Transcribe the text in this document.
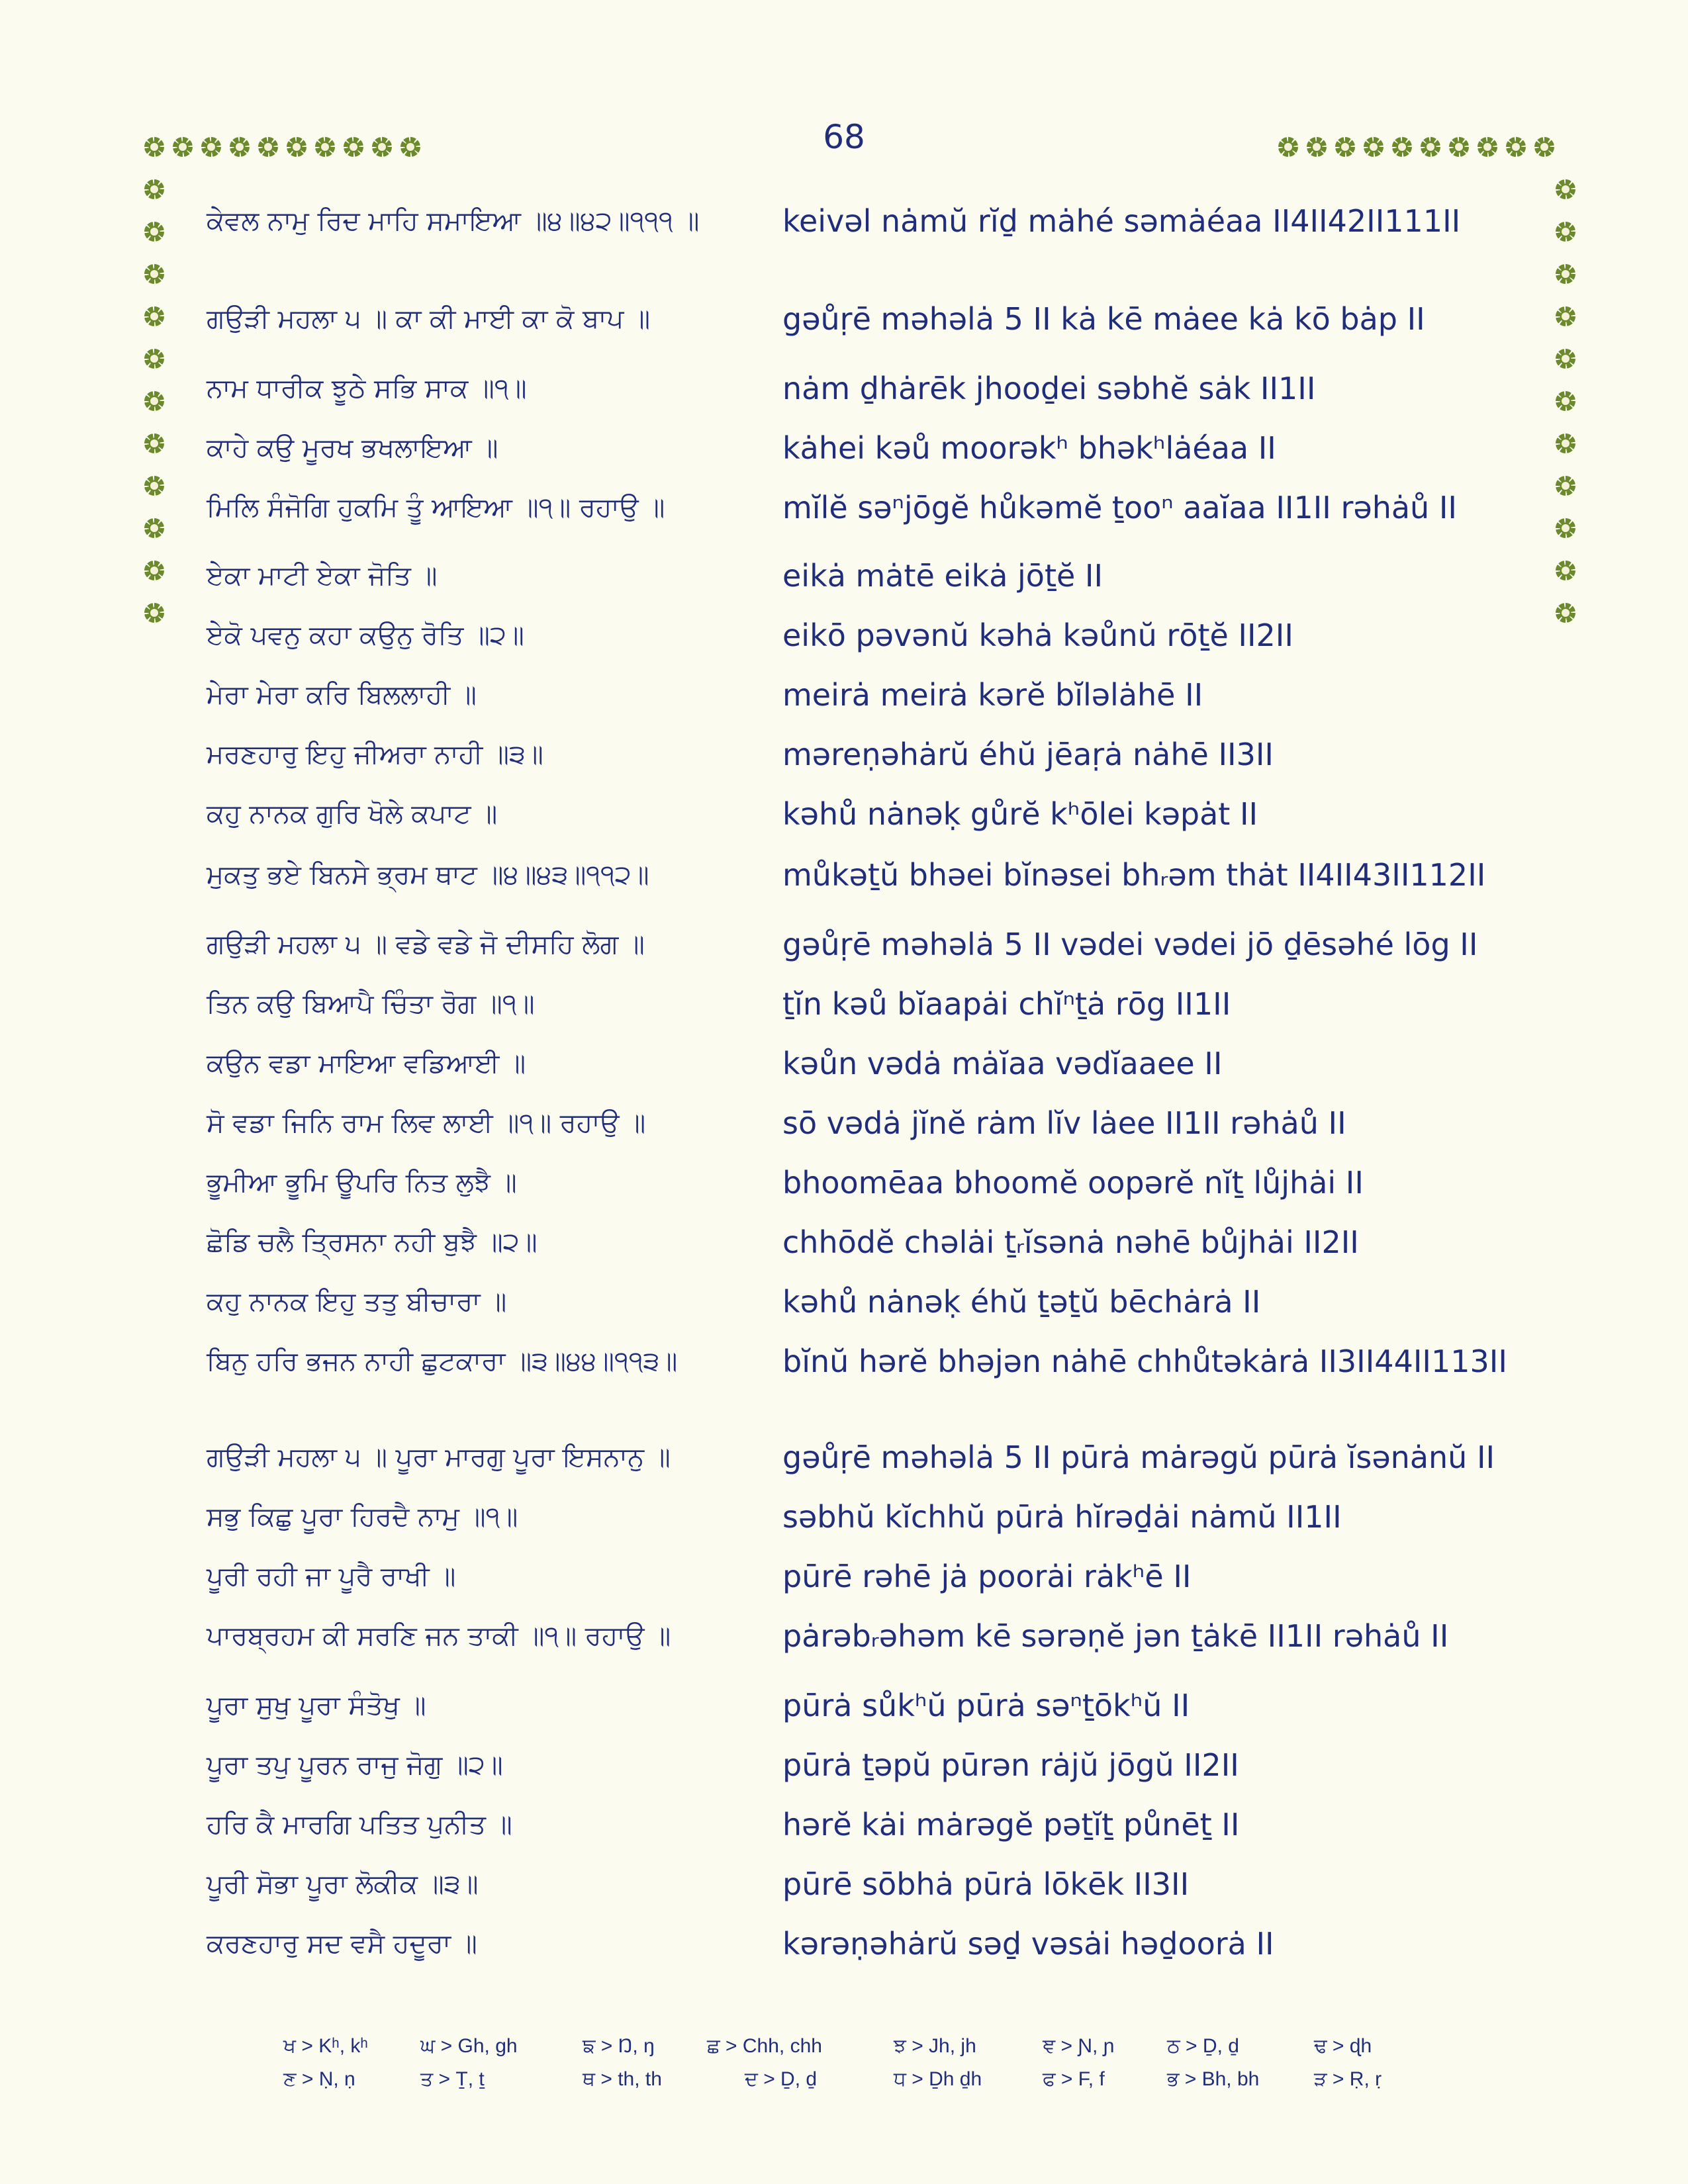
68
ਕੇਵਲ ਨਾਮੁ ਰਿਦ ਮਾਹਿ ਸਮਾਇਆ ॥੪॥੪੨॥੧੧੧ ॥	keivəl nȧmŭ rĭḏ mȧhé səmȧéaa II4II42II111II
ਗਉੜੀ ਮਹਲਾ ੫ ॥ ਕਾ ਕੀ ਮਾਈ ਕਾ ਕੋ ਬਾਪ ॥	gəůṛē məhəlȧ 5 II kȧ kē mȧee kȧ kō bȧp II
ਨਾਮ ਧਾਰੀਕ ਝੂਠੇ ਸਭਿ ਸਾਕ ॥੧॥	nȧm ḏhȧrēk jhooḏei səbhĕ sȧk II1II
ਕਾਹੇ ਕਉ ਮੂਰਖ ਭਖਲਾਇਆ ॥	kȧhei kəů moorəkʰ bhəkʰlȧéaa II
ਮਿਲਿ ਸੰਜੋਗਿ ਹੁਕਮਿ ਤੂੰ ਆਇਆ ॥੧॥ ਰਹਾਉ ॥	mĭlĕ səⁿjōgĕ hůkəmĕ ṯooⁿ aaĭaa II1II rəhȧů II
ਏਕਾ ਮਾਟੀ ਏਕਾ ਜੋਤਿ ॥	eikȧ mȧtē eikȧ jōṯĕ II
ਏਕੋ ਪਵਨੁ ਕਹਾ ਕਉਨੁ ਰੋਤਿ ॥੨॥	eikō pəvənŭ kəhȧ kəůnŭ rōṯĕ II2II
ਮੇਰਾ ਮੇਰਾ ਕਰਿ ਬਿਲਲਾਹੀ ॥	meirȧ meirȧ kərĕ bĭləlȧhē II
ਮਰਣਹਾਰੁ ਇਹੁ ਜੀਅਰਾ ਨਾਹੀ ॥੩॥	məreṇəhȧrŭ éhŭ jēaṛȧ nȧhē II3II
ਕਹੁ ਨਾਨਕ ਗੁਰਿ ਖੋਲੇ ਕਪਾਟ ॥	kəhů nȧnəḳ gůrĕ kʰōlei kəpȧt II
ਮੁਕਤੁ ਭਏ ਬਿਨਸੇ ਭ੍ਰਮ ਥਾਟ ॥੪॥੪੩॥੧੧੨॥	můkəṯŭ bhəei bĭnəsei bhᵣəm thȧt II4II43II112II
ਗਉੜੀ ਮਹਲਾ ੫ ॥ ਵਡੇ ਵਡੇ ਜੋ ਦੀਸਹਿ ਲੋਗ ॥	gəůṛē məhəlȧ 5 II vədei vədei jō ḏēsəhé lōg II
ਤਿਨ ਕਉ ਬਿਆਪੈ ਚਿੰਤਾ ਰੋਗ ॥੧॥	ṯĭn kəů bĭaapȧi chĭⁿṯȧ rōg II1II
ਕਉਨ ਵਡਾ ਮਾਇਆ ਵਡਿਆਈ ॥	kəůn vədȧ mȧĭaa vədĭaaee II
ਸੋ ਵਡਾ ਜਿਨਿ ਰਾਮ ਲਿਵ ਲਾਈ ॥੧॥ ਰਹਾਉ ॥	sō vədȧ jĭnĕ rȧm lĭv lȧee II1II rəhȧů II
ਭੂਮੀਆ ਭੂਮਿ ਊਪਰਿ ਨਿਤ ਲੁਝੈ ॥	bhoomēaa bhoomĕ oopərĕ nĭṯ lůjhȧi II
ਛੋਡਿ ਚਲੈ ਤ੍ਰਿਸਨਾ ਨਹੀ ਬੁਝੈ ॥੨॥	chhōdĕ chəlȧi ṯᵣĭsənȧ nəhē bůjhȧi II2II
ਕਹੁ ਨਾਨਕ ਇਹੁ ਤਤੁ ਬੀਚਾਰਾ ॥	kəhů nȧnəḳ éhŭ ṯəṯŭ bēchȧrȧ II
ਬਿਨੁ ਹਰਿ ਭਜਨ ਨਾਹੀ ਛੁਟਕਾਰਾ ॥੩॥੪੪॥੧੧੩॥	bĭnŭ hərĕ bhəjən nȧhē chhůtəkȧrȧ II3II44II113II
ਗਉੜੀ ਮਹਲਾ ੫ ॥ ਪੂਰਾ ਮਾਰਗੁ ਪੂਰਾ ਇਸਨਾਨੁ ॥	gəůṛē məhəlȧ 5 II pūrȧ mȧrəgŭ pūrȧ ĭsənȧnŭ II
ਸਭੁ ਕਿਛੁ ਪੂਰਾ ਹਿਰਦੈ ਨਾਮੁ ॥੧॥	səbhŭ kĭchhŭ pūrȧ hĭrəḏȧi nȧmŭ II1II
ਪੂਰੀ ਰਹੀ ਜਾ ਪੂਰੈ ਰਾਖੀ ॥	pūrē rəhē jȧ poorȧi rȧkʰē II
ਪਾਰਬ੍ਰਹਮ ਕੀ ਸਰਣਿ ਜਨ ਤਾਕੀ ॥੧॥ ਰਹਾਉ ॥	pȧrəbᵣəhəm kē sərəṇĕ jən ṯȧkē II1II rəhȧů II
ਪੂਰਾ ਸੁਖੁ ਪੂਰਾ ਸੰਤੋਖੁ ॥	pūrȧ sůkʰŭ pūrȧ səⁿṯōkʰŭ II
ਪੂਰਾ ਤਪੁ ਪੂਰਨ ਰਾਜੁ ਜੋਗੁ ॥੨॥	pūrȧ ṯəpŭ pūrən rȧjŭ jōgŭ II2II
ਹਰਿ ਕੈ ਮਾਰਗਿ ਪਤਿਤ ਪੁਨੀਤ ॥	hərĕ kȧi mȧrəgĕ pəṯĭṯ půnēṯ II
ਪੂਰੀ ਸੋਭਾ ਪੂਰਾ ਲੋਕੀਕ ॥੩॥	pūrē sōbhȧ pūrȧ lōkēk II3II
ਕਰਣਹਾਰੁ ਸਦ ਵਸੈ ਹਦੂਰਾ ॥	kərəṇəhȧrŭ səḏ vəsȧi həḏoorȧ II
ਖ > Kʰ, kʰ	ਘ > Gh, gh	ਙ > Ŋ, ŋ	ਛ > Chh, chh	ਝ > Jh, jh	ਞ > Ɲ, ɲ	ਠ > Ḏ, ḏ	ਢ > ɖh
ਣ > Ṇ, ṇ	ਤ > Ṯ, ṯ	ਥ > th, th	ਦ > Ḏ, ḏ	ਧ > Ḏh ḏh	ਫ > F, f	ਭ > Bh, bh	ੜ > Ṛ, ṛ
